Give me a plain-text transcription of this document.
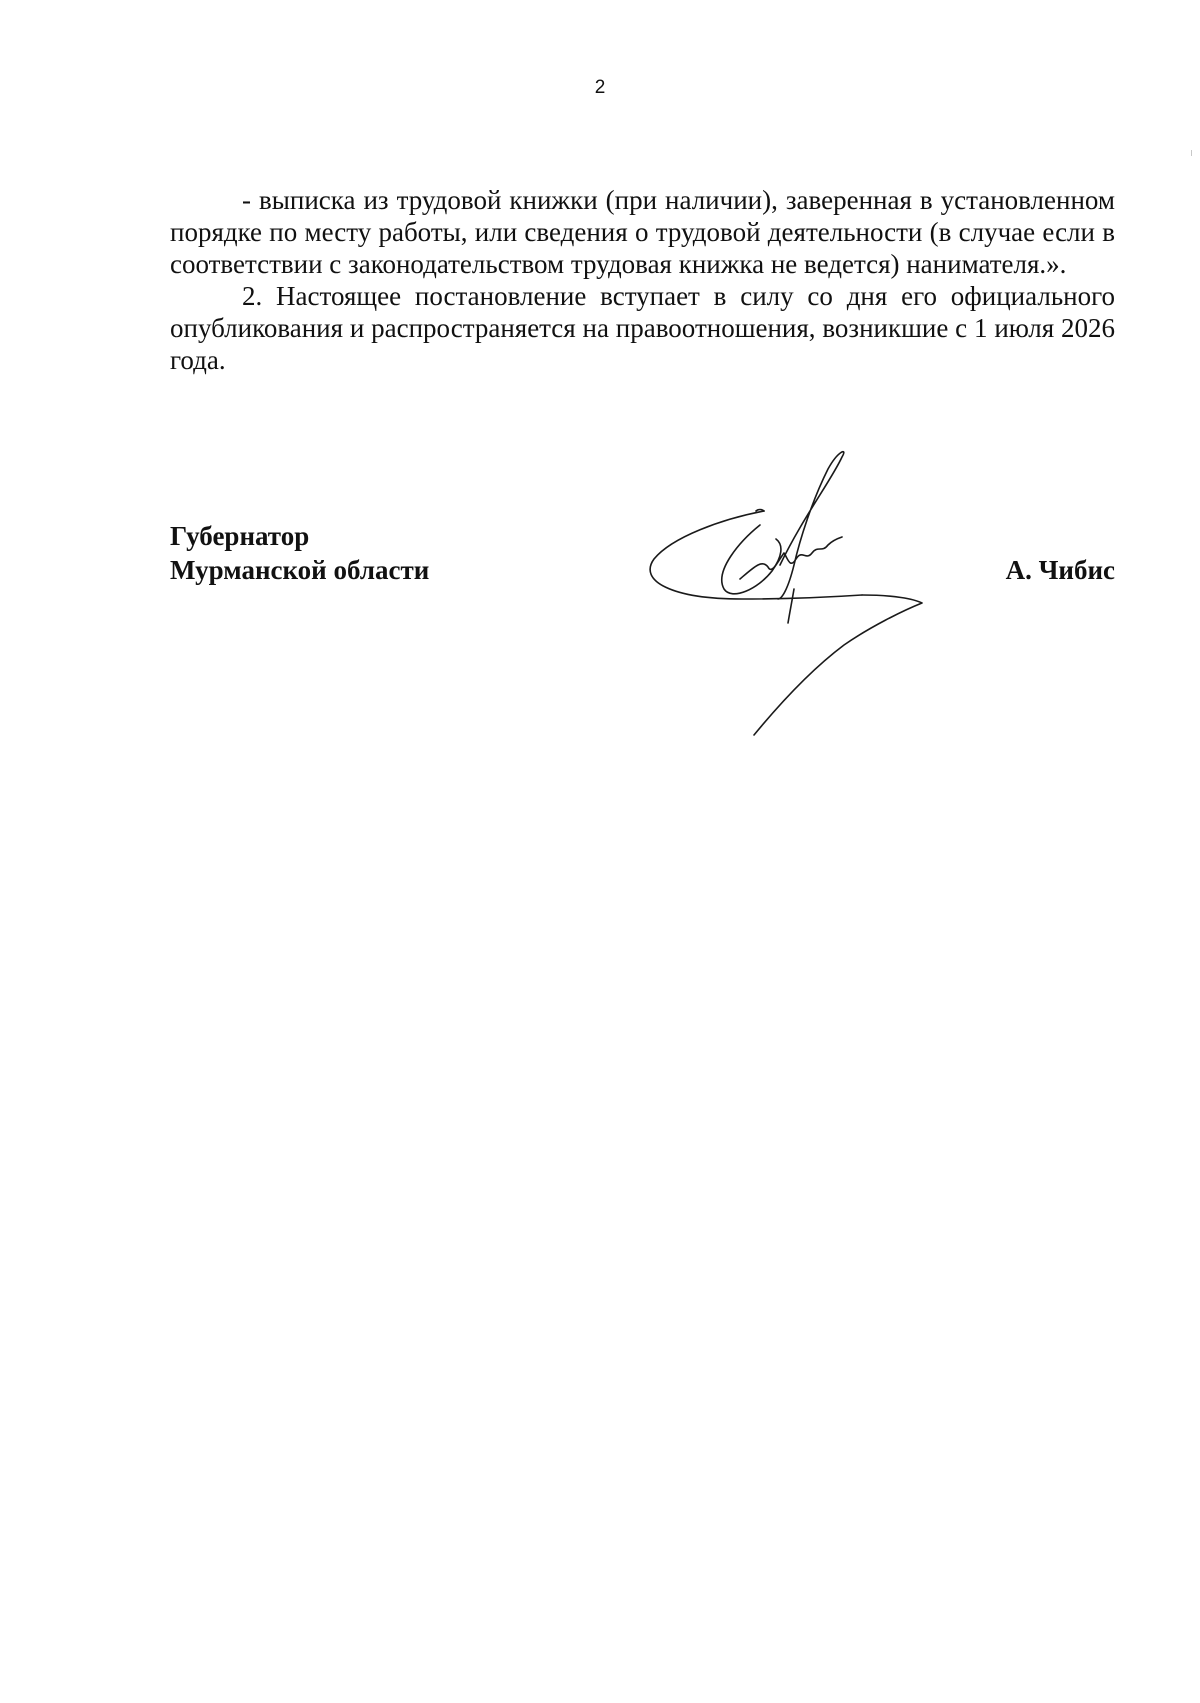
2

- выписка из трудовой книжки (при наличии), заверенная в установленном порядке по месту работы, или сведения о трудовой деятельности (в случае если в соответствии с законодательством трудовая книжка не ведется) нанимателя.».

2. Настоящее постановление вступает в силу со дня его официального опубликования и распространяется на правоотношения, возникшие с 1 июля 2026 года.

Губернатор
Мурманской области	А. Чибис
